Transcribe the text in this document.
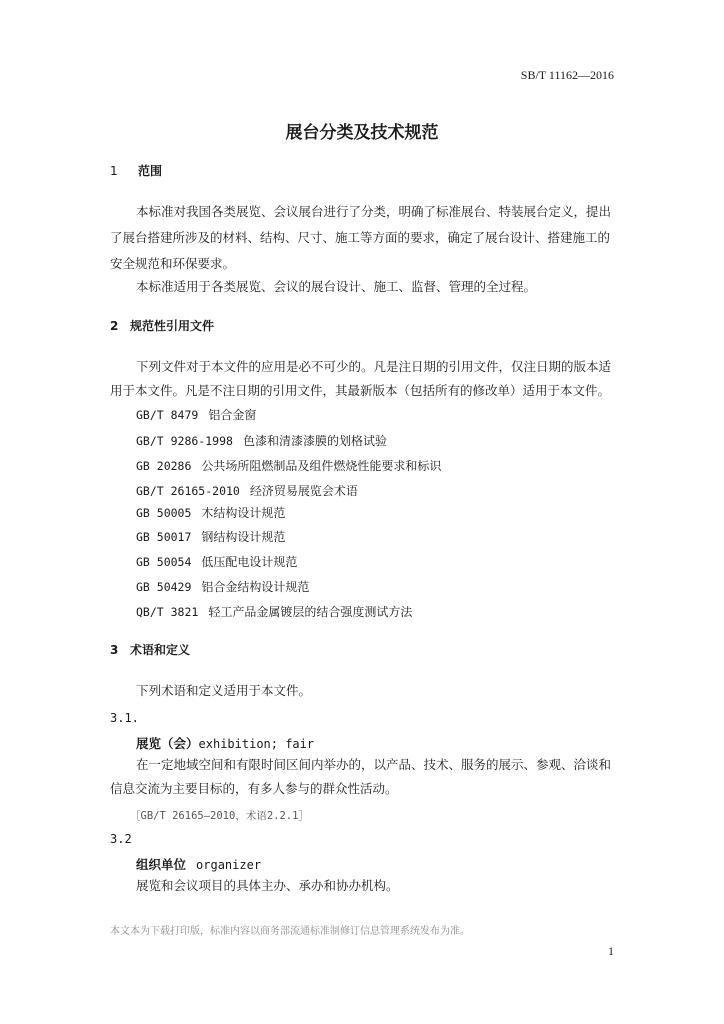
SB/T 11162—2016
展台分类及技术规范
1 范围
本标准对我国各类展览、会议展台进行了分类，明确了标准展台、特装展台定义，提出
了展台搭建所涉及的材料、结构、尺寸、施工等方面的要求，确定了展台设计、搭建施工的
安全规范和环保要求。
本标准适用于各类展览、会议的展台设计、施工、监督、管理的全过程。
2 规范性引用文件
下列文件对于本文件的应用是必不可少的。凡是注日期的引用文件，仅注日期的版本适
用于本文件。凡是不注日期的引用文件，其最新版本（包括所有的修改单）适用于本文件。
GB/T 8479 铝合金窗
GB/T 9286-1998 色漆和清漆漆膜的划格试验
GB 20286 公共场所阻燃制品及组件燃烧性能要求和标识
GB/T 26165-2010 经济贸易展览会术语
GB 50005 木结构设计规范
GB 50017 钢结构设计规范
GB 50054 低压配电设计规范
GB 50429 铝合金结构设计规范
QB/T 3821 轻工产品金属镀层的结合强度测试方法
3 术语和定义
下列术语和定义适用于本文件。
3.1.
展览（会）exhibition; fair
在一定地域空间和有限时间区间内举办的，以产品、技术、服务的展示、参观、洽谈和
信息交流为主要目标的，有多人参与的群众性活动。
［GB/T 26165—2010，术语2.2.1］
3.2
组织单位 organizer
展览和会议项目的具体主办、承办和协办机构。
本文本为下载打印版，标准内容以商务部流通标准制修订信息管理系统发布为准。
1
